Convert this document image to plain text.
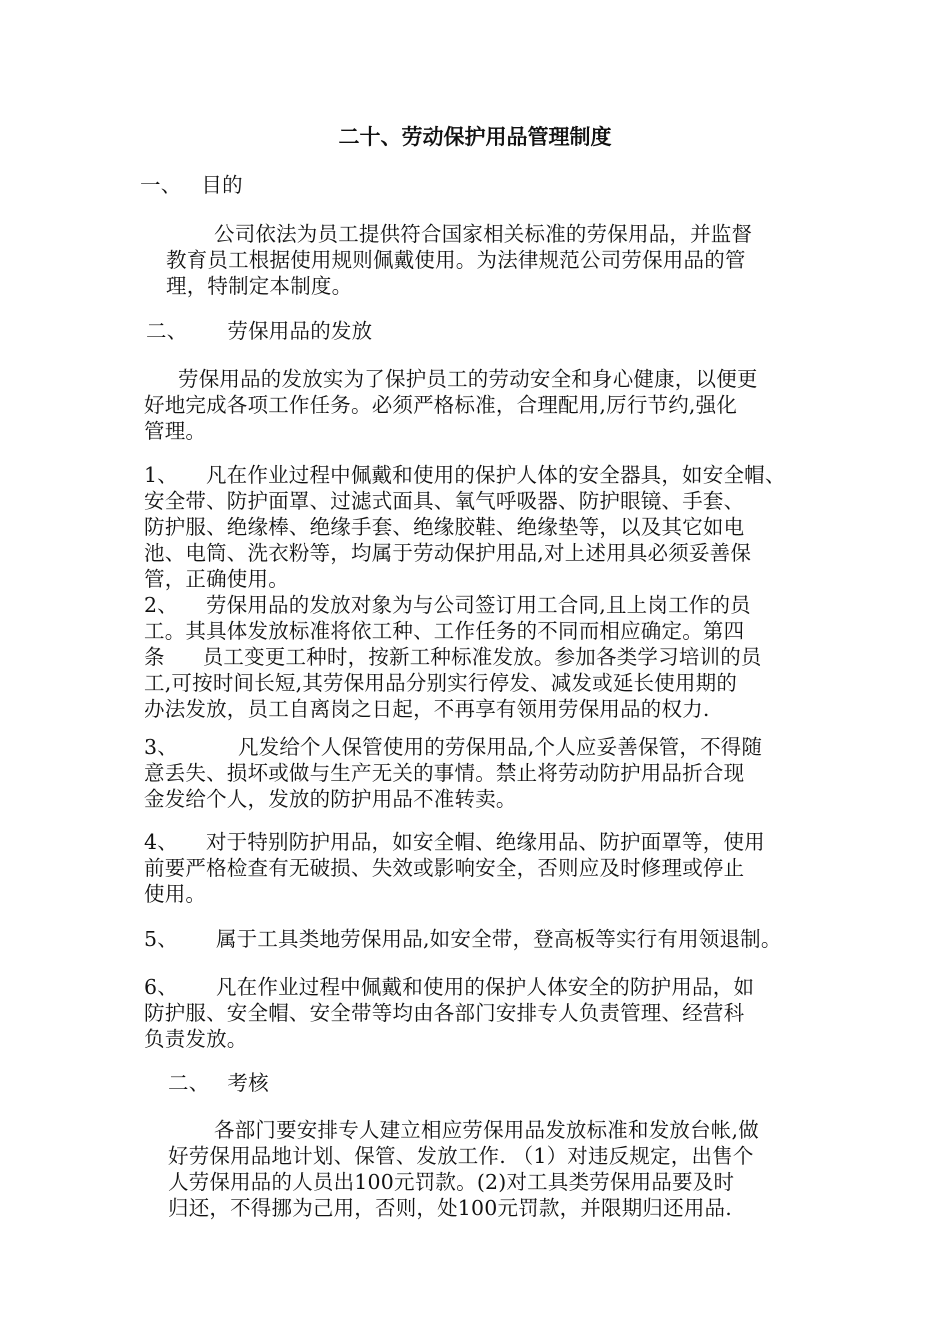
二十、劳动保护用品管理制度
一、 目的
公司依法为员工提供符合国家相关标准的劳保用品，并监督
教育员工根据使用规则佩戴使用。为法律规范公司劳保用品的管
理，特制定本制度。
二、 劳保用品的发放
劳保用品的发放实为了保护员工的劳动安全和身心健康，以便更
好地完成各项工作任务。必须严格标准，合理配用,厉行节约,强化
管理。
1、 凡在作业过程中佩戴和使用的保护人体的安全器具，如安全帽、
安全带、防护面罩、过滤式面具、氧气呼吸器、防护眼镜、手套、
防护服、绝缘棒、绝缘手套、绝缘胶鞋、绝缘垫等，以及其它如电
池、电筒、洗衣粉等，均属于劳动保护用品,对上述用具必须妥善保
管，正确使用。
2、 劳保用品的发放对象为与公司签订用工合同,且上岗工作的员
工。其具体发放标准将依工种、工作任务的不同而相应确定。第四
条 员工变更工种时，按新工种标准发放。参加各类学习培训的员
工,可按时间长短,其劳保用品分别实行停发、减发或延长使用期的
办法发放，员工自离岗之日起，不再享有领用劳保用品的权力.
3、	凡发给个人保管使用的劳保用品,个人应妥善保管，不得随
意丢失、损坏或做与生产无关的事情。禁止将劳动防护用品折合现
金发给个人，发放的防护用品不准转卖。
4、 对于特别防护用品，如安全帽、绝缘用品、防护面罩等，使用
前要严格检查有无破损、失效或影响安全，否则应及时修理或停止
使用。
5、 属于工具类地劳保用品,如安全带，登高板等实行有用领退制。
6、 凡在作业过程中佩戴和使用的保护人体安全的防护用品，如
防护服、安全帽、安全带等均由各部门安排专人负责管理、经营科
负责发放。
二、 考核
各部门要安排专人建立相应劳保用品发放标准和发放台帐,做
好劳保用品地计划、保管、发放工作. （1）对违反规定，出售个
人劳保用品的人员出100元罚款。(2)对工具类劳保用品要及时
归还，不得挪为己用，否则，处100元罚款，并限期归还用品.
